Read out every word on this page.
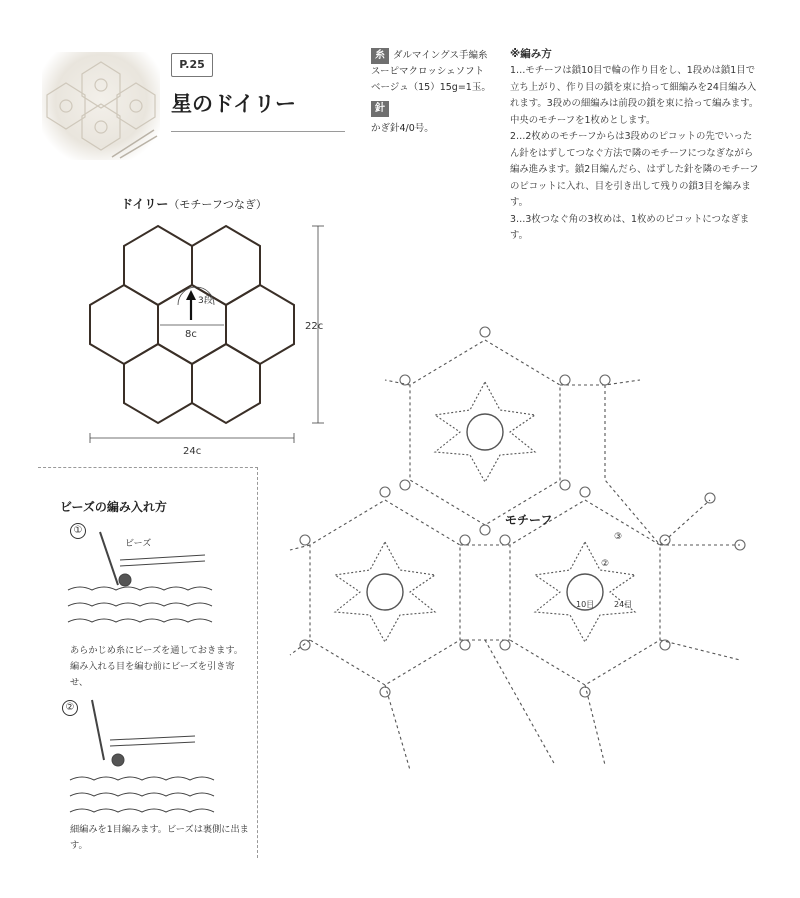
P.25
星のドイリー
糸 ダルマイングス手編糸
スーピマクロッシェソフト
ベージュ（15）15g=1玉。
針
かぎ針4/0号。
※編み方

1…モチーフは鎖10目で輪の作り目をし、1段めは鎖1目で立ち上がり、作り目の鎖を束に拾って細編みを24目編み入れます。3段めの細編みは前段の鎖を束に拾って編みます。中央のモチーフを1枚めとします。

2…2枚めのモチーフからは3段めのピコットの先でいったん針をはずしてつなぐ方法で隣のモチーフにつなぎながら編み進みます。鎖2目編んだら、はずした針を隣のモチーフのピコットに入れ、目を引き出して残りの鎖3目を編みます。

3…3枚つなぐ角の3枚めは、1枚めのピコットにつなぎます。

ドイリー（モチーフつなぎ）
22c
24c
8c
3段
10目 24目
②
③
モチーフ
ビーズの編み入れ方
①
ビーズ
あらかじめ糸にビーズを通しておきます。編み入れる目を編む前にビーズを引き寄せ、
②
細編みを1目編みます。ビーズは裏側に出ます。
